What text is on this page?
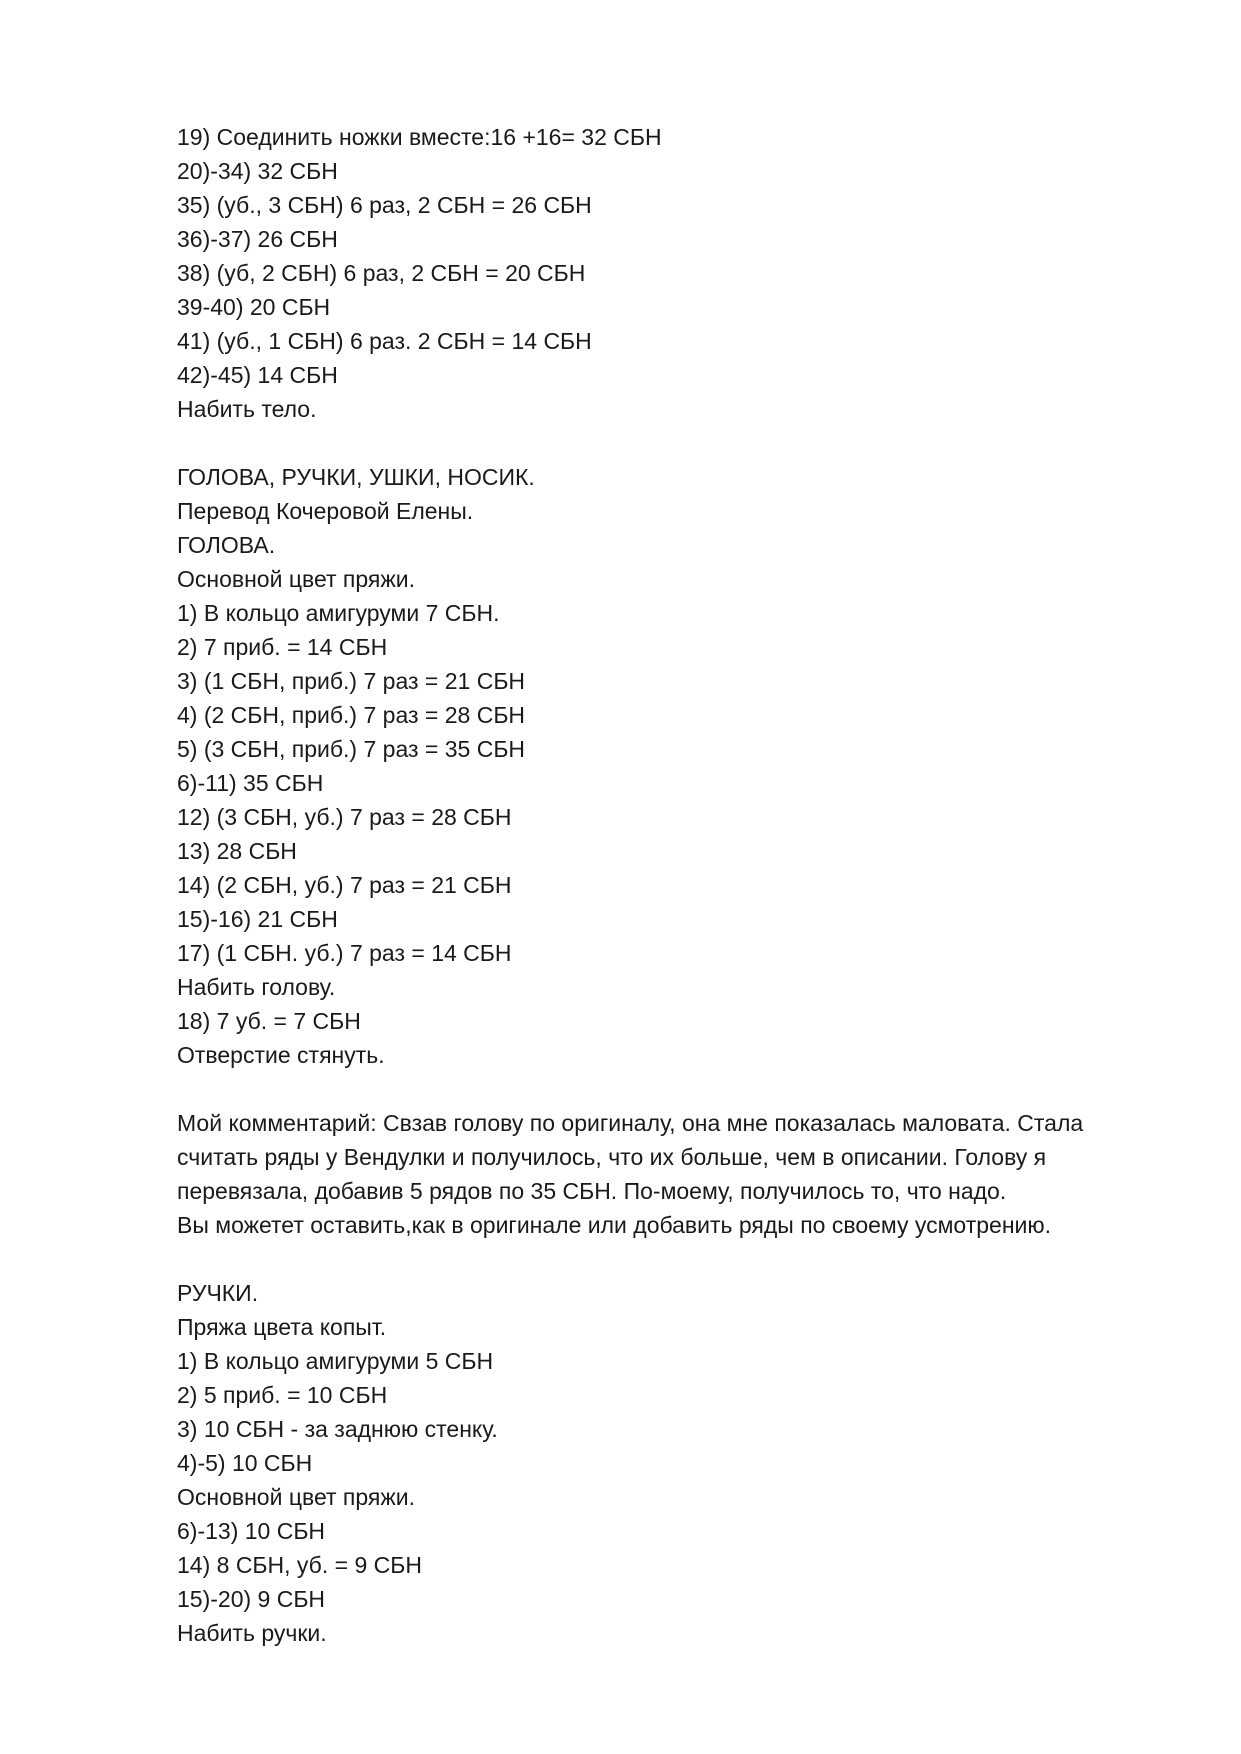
19) Соединить ножки вместе:16 +16= 32 СБН
20)-34) 32 СБН
35) (уб., 3 СБН) 6 раз, 2 СБН = 26 СБН
36)-37) 26 СБН
38) (уб, 2 СБН) 6 раз, 2 СБН = 20 СБН
39-40) 20 СБН
41) (уб., 1 СБН) 6 раз. 2 СБН = 14 СБН
42)-45) 14 СБН
Набить тело.
ГОЛОВА, РУЧКИ, УШКИ, НОСИК.
Перевод Кочеровой Елены.
ГОЛОВА.
Основной цвет пряжи.
1) В кольцо амигуруми 7 СБН.
2) 7 приб. = 14 СБН
3) (1 СБН, приб.) 7 раз = 21 СБН
4) (2 СБН, приб.) 7 раз = 28 СБН
5) (3 СБН, приб.) 7 раз = 35 СБН
6)-11) 35 СБН
12) (3 СБН, уб.) 7 раз = 28 СБН
13) 28 СБН
14) (2 СБН, уб.) 7 раз = 21 СБН
15)-16) 21 СБН
17) (1 СБН. уб.) 7 раз = 14 СБН
Набить голову.
18) 7 уб. = 7 СБН
Отверстие стянуть.
Мой комментарий: Свзав голову по оригиналу, она мне показалась маловата. Стала
считать ряды у Вендулки и получилось, что их больше, чем в описании. Голову я
перевязала, добавив 5 рядов по 35 СБН. По-моему, получилось то, что надо.
Вы можетет оставить,как в оригинале или добавить ряды по своему усмотрению.
РУЧКИ.
Пряжа цвета копыт.
1) В кольцо амигуруми 5 СБН
2) 5 приб. = 10 СБН
3) 10 СБН - за заднюю стенку.
4)-5) 10 СБН
Основной цвет пряжи.
6)-13) 10 СБН
14) 8 СБН, уб. = 9 СБН
15)-20) 9 СБН
Набить ручки.
